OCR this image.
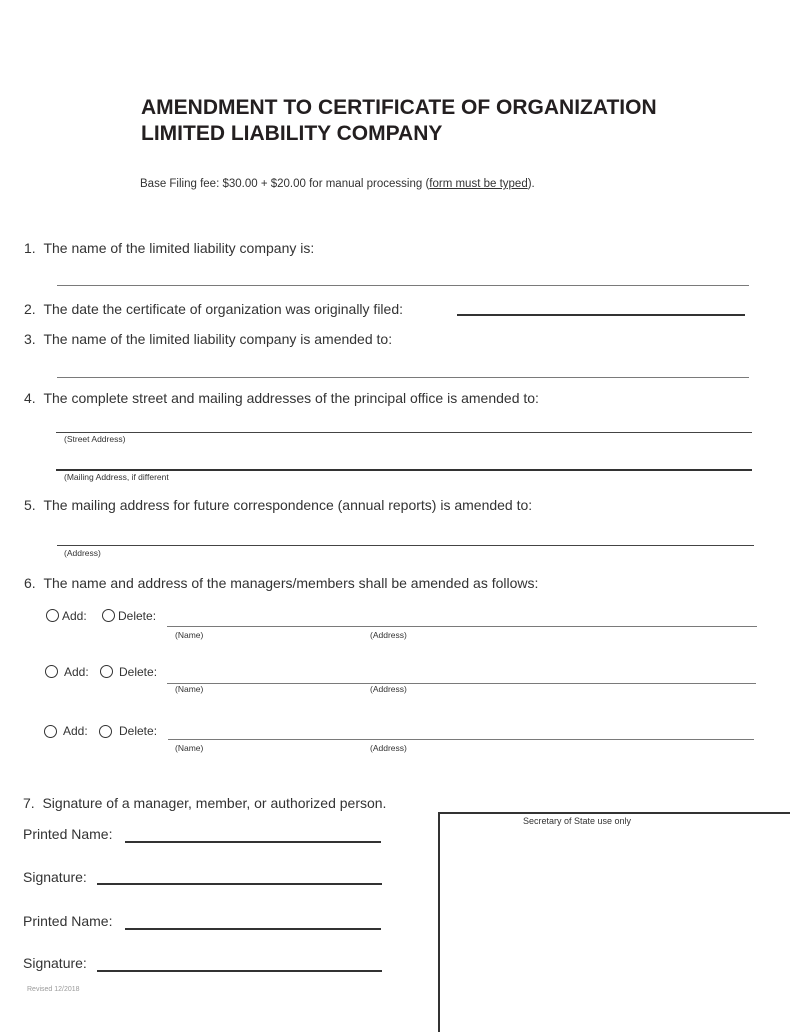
AMENDMENT TO CERTIFICATE OF ORGANIZATION
LIMITED LIABILITY COMPANY
Base Filing fee: $30.00 + $20.00 for manual processing (form must be typed).
1. The name of the limited liability company is:
2. The date the certificate of organization was originally filed:
3. The name of the limited liability company is amended to:
4. The complete street and mailing addresses of the principal office is amended to:
(Street Address)
(Mailing Address, if different
5. The mailing address for future correspondence (annual reports) is amended to:
(Address)
6. The name and address of the managers/members shall be amended as follows:
Add:	Delete:
(Name)	(Address)
Add:	Delete:
(Name)	(Address)
Add:	Delete:
(Name)	(Address)
7. Signature of a manager, member, or authorized person.
Printed Name:
Signature:
Printed Name:
Signature:
Revised 12/2018
Secretary of State use only
